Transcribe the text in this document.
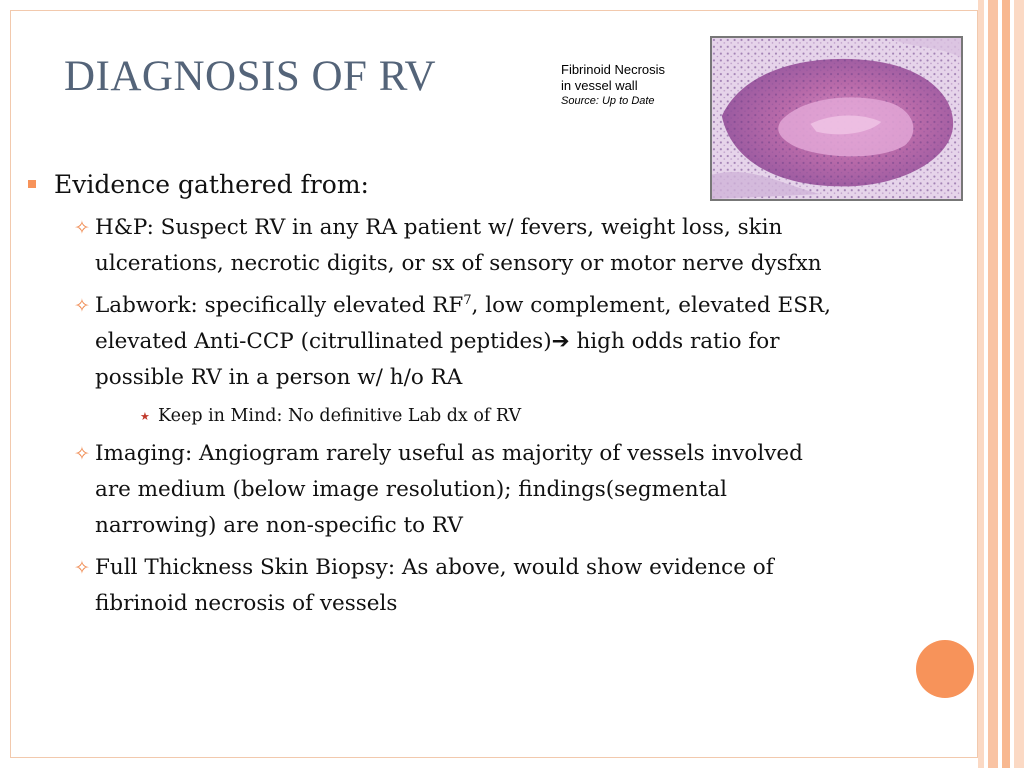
DIAGNOSIS OF RV	Fibrinoid Necrosis
in vessel wall
Source: Up to Date
Evidence gathered from:
✧ H&P: Suspect RV in any RA patient w/ fevers, weight loss, skin ulcerations, necrotic digits, or sx of sensory or motor nerve dysfxn
✧ Labwork: specifically elevated $RF^7$, low complement, elevated ESR, elevated Anti-CCP (citrullinated peptides)➔ high odds ratio for possible RV in a person w/ h/o RA
★ Keep in Mind: No definitive Lab dx of RV
✧ Imaging: Angiogram rarely useful as majority of vessels involved are medium (below image resolution); findings(segmental narrowing) are non-specific to RV
✧ Full Thickness Skin Biopsy: As above, would show evidence of fibrinoid necrosis of vessels
